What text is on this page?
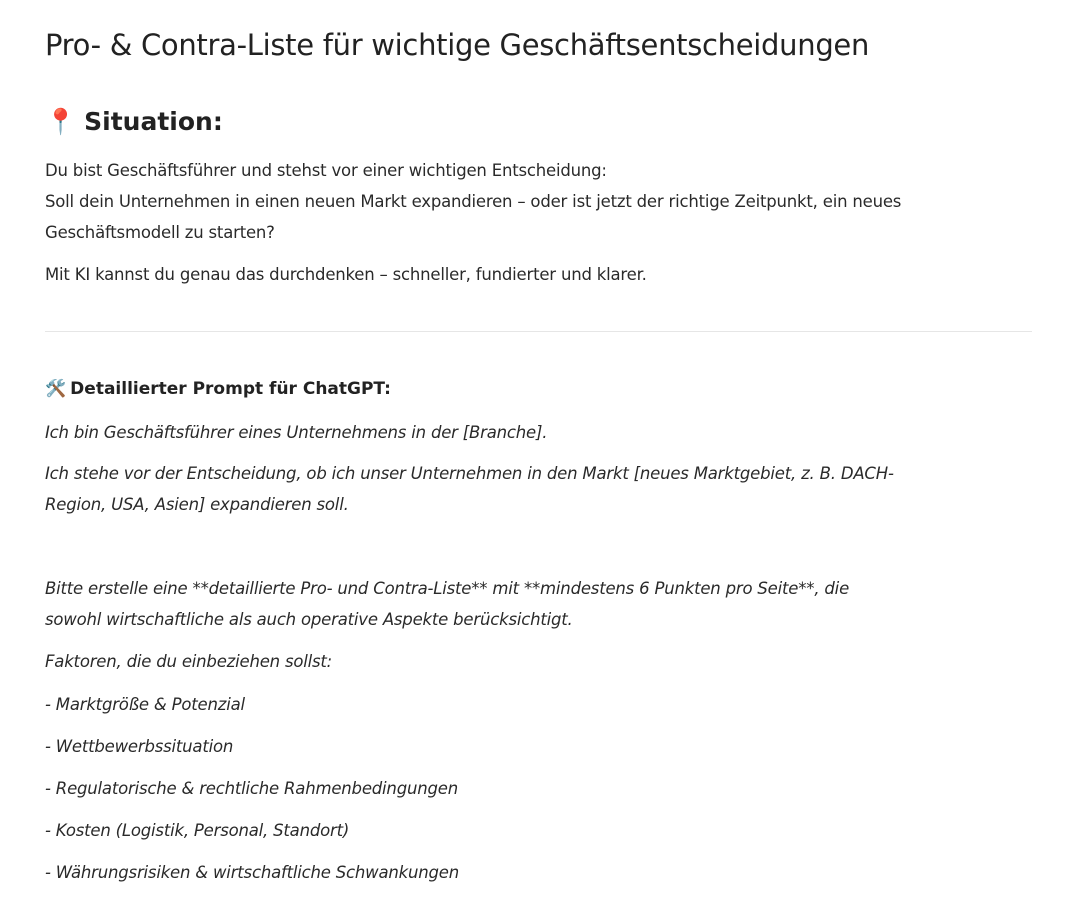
Pro- & Contra-Liste für wichtige Geschäftsentscheidungen
📍 Situation:
Du bist Geschäftsführer und stehst vor einer wichtigen Entscheidung:
Soll dein Unternehmen in einen neuen Markt expandieren – oder ist jetzt der richtige Zeitpunkt, ein neues
Geschäftsmodell zu starten?
Mit KI kannst du genau das durchdenken – schneller, fundierter und klarer.
🛠️ Detaillierter Prompt für ChatGPT:
Ich bin Geschäftsführer eines Unternehmens in der [Branche].
Ich stehe vor der Entscheidung, ob ich unser Unternehmen in den Markt [neues Marktgebiet, z. B. DACH-
Region, USA, Asien] expandieren soll.
Bitte erstelle eine **detaillierte Pro- und Contra-Liste** mit **mindestens 6 Punkten pro Seite**, die
sowohl wirtschaftliche als auch operative Aspekte berücksichtigt.
Faktoren, die du einbeziehen sollst:
- Marktgröße & Potenzial
- Wettbewerbssituation
- Regulatorische & rechtliche Rahmenbedingungen
- Kosten (Logistik, Personal, Standort)
- Währungsrisiken & wirtschaftliche Schwankungen
